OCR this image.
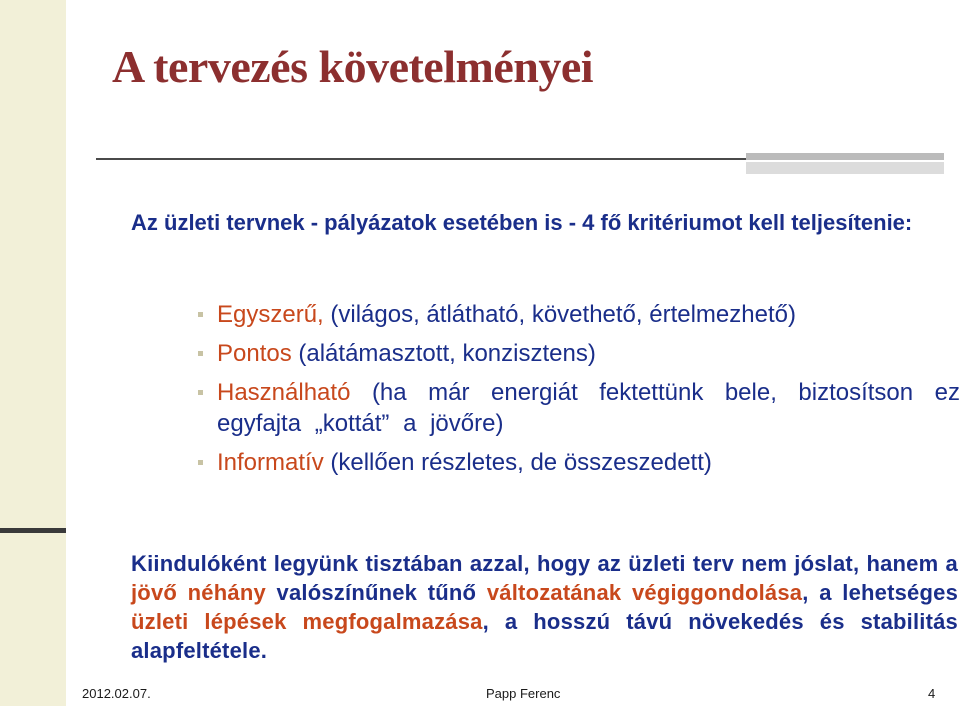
A tervezés követelményei
Az üzleti tervnek - pályázatok esetében is - 4 fő kritériumot kell teljesítenie:
Egyszerű, (világos, átlátható, követhető, értelmezhető)
Pontos (alátámasztott, konzisztens)
Használható (ha már energiát fektettünk bele, biztosítson ez egyfajta „kottát” a jövőre)
Informatív (kellően részletes, de összeszedett)
Kiindulóként legyünk tisztában azzal, hogy az üzleti terv nem jóslat, hanem a jövő néhány valószínűnek tűnő változatának végiggondolása, a lehetséges üzleti lépések megfogalmazása, a hosszú távú növekedés és stabilitás alapfeltétele.
2012.02.07.	Papp Ferenc	4
